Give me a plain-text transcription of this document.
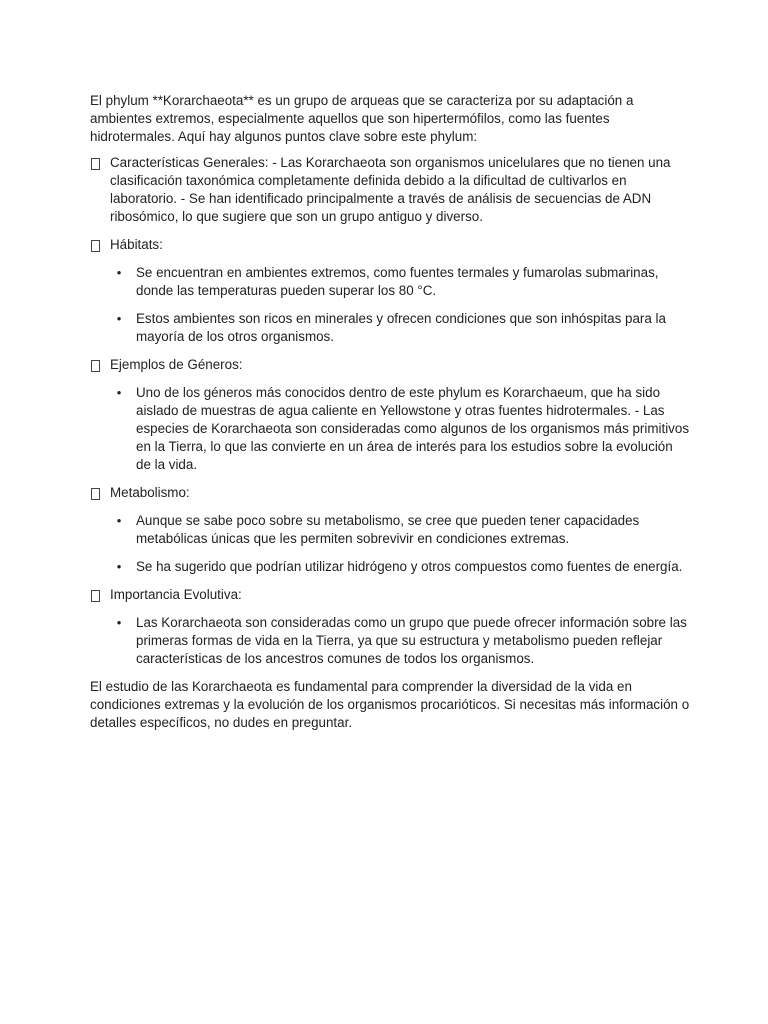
El phylum **Korarchaeota** es un grupo de arqueas que se caracteriza por su adaptación a ambientes extremos, especialmente aquellos que son hipertermófilos, como las fuentes hidrotermales. Aquí hay algunos puntos clave sobre este phylum:

Características Generales: - Las Korarchaeota son organismos unicelulares que no tienen una clasificación taxonómica completamente definida debido a la dificultad de cultivarlos en laboratorio. - Se han identificado principalmente a través de análisis de secuencias de ADN ribosómico, lo que sugiere que son un grupo antiguo y diverso.
Hábitats:
• Se encuentran en ambientes extremos, como fuentes termales y fumarolas submarinas, donde las temperaturas pueden superar los 80 °C.
• Estos ambientes son ricos en minerales y ofrecen condiciones que son inhóspitas para la mayoría de los otros organismos.
Ejemplos de Géneros:
• Uno de los géneros más conocidos dentro de este phylum es Korarchaeum, que ha sido aislado de muestras de agua caliente en Yellowstone y otras fuentes hidrotermales. - Las especies de Korarchaeota son consideradas como algunos de los organismos más primitivos en la Tierra, lo que las convierte en un área de interés para los estudios sobre la evolución de la vida.
Metabolismo:
• Aunque se sabe poco sobre su metabolismo, se cree que pueden tener capacidades metabólicas únicas que les permiten sobrevivir en condiciones extremas.
• Se ha sugerido que podrían utilizar hidrógeno y otros compuestos como fuentes de energía.
Importancia Evolutiva:
• Las Korarchaeota son consideradas como un grupo que puede ofrecer información sobre las primeras formas de vida en la Tierra, ya que su estructura y metabolismo pueden reflejar características de los ancestros comunes de todos los organismos.

El estudio de las Korarchaeota es fundamental para comprender la diversidad de la vida en condiciones extremas y la evolución de los organismos procarióticos. Si necesitas más información o detalles específicos, no dudes en preguntar.
